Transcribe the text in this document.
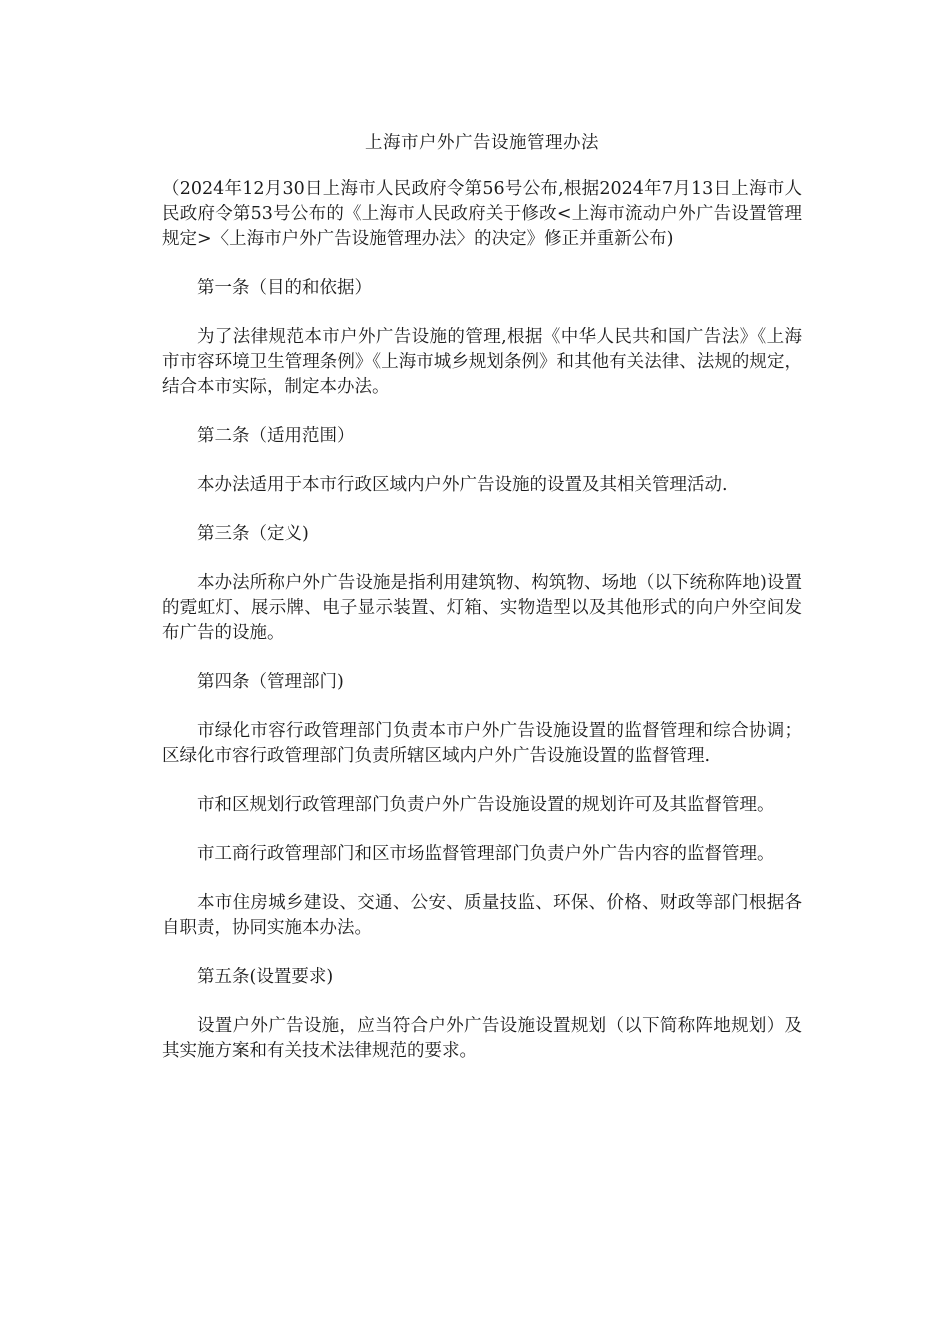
上海市户外广告设施管理办法

（2024年12月30日上海市人民政府令第56号公布,根据2024年7月13日上海市人民政府令第53号公布的《上海市人民政府关于修改<上海市流动户外广告设置管理规定>〈上海市户外广告设施管理办法〉的决定》修正并重新公布)

第一条（目的和依据）

为了法律规范本市户外广告设施的管理,根据《中华人民共和国广告法》《上海市市容环境卫生管理条例》《上海市城乡规划条例》和其他有关法律、法规的规定，结合本市实际，制定本办法。

第二条（适用范围）

本办法适用于本市行政区域内户外广告设施的设置及其相关管理活动.

第三条（定义)

本办法所称户外广告设施是指利用建筑物、构筑物、场地（以下统称阵地)设置的霓虹灯、展示牌、电子显示装置、灯箱、实物造型以及其他形式的向户外空间发布广告的设施。

第四条（管理部门)

市绿化市容行政管理部门负责本市户外广告设施设置的监督管理和综合协调；区绿化市容行政管理部门负责所辖区域内户外广告设施设置的监督管理.

市和区规划行政管理部门负责户外广告设施设置的规划许可及其监督管理。

市工商行政管理部门和区市场监督管理部门负责户外广告内容的监督管理。

本市住房城乡建设、交通、公安、质量技监、环保、价格、财政等部门根据各自职责，协同实施本办法。

第五条(设置要求)

设置户外广告设施，应当符合户外广告设施设置规划（以下简称阵地规划）及其实施方案和有关技术法律规范的要求。
